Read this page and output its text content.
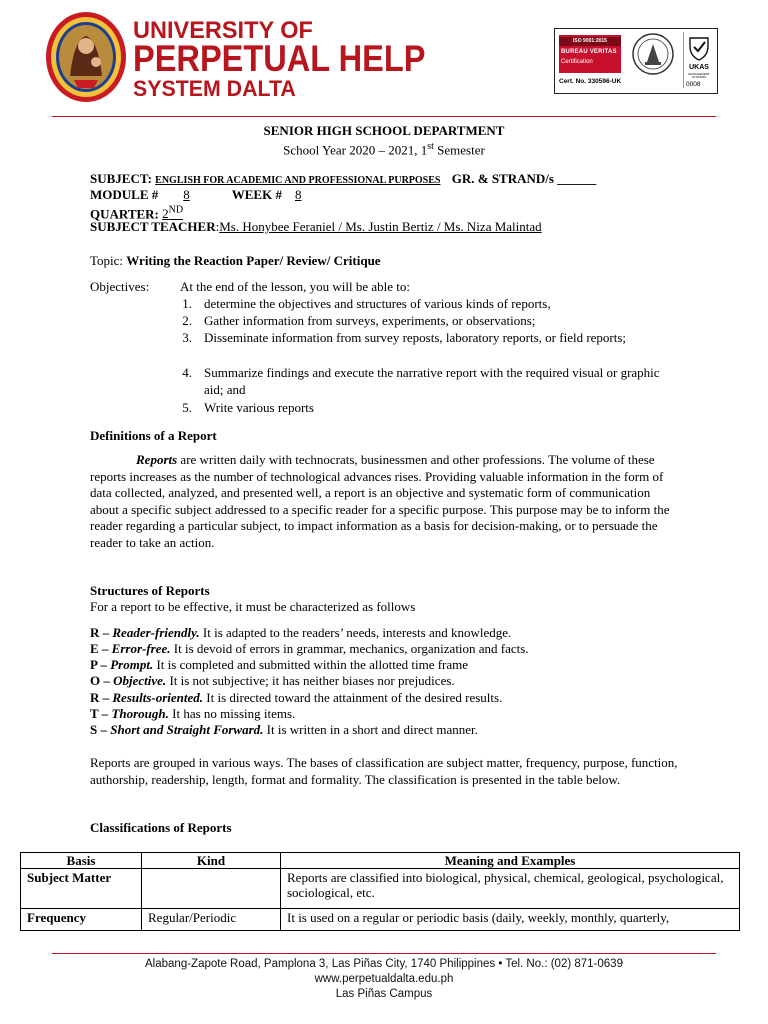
UNIVERSITY OF
PERPETUAL HELP
SYSTEM DALTA
ISO 9001:2015
BUREAU VERITAS
Certification
UKAS
MANAGEMENT SYSTEMS
Cert. No. 330596-UK	0008
SENIOR HIGH SCHOOL DEPARTMENT
School Year 2020 – 2021, 1st Semester
SUBJECT: ENGLISH FOR ACADEMIC AND PROFESSIONAL PURPOSES GR. & STRAND/s ______
MODULE # 8	WEEK # 8
QUARTER: 2ND
SUBJECT TEACHER:Ms. Honybee Feraniel / Ms. Justin Bertiz / Ms. Niza Malintad
Topic: Writing the Reaction Paper/ Review/ Critique
Objectives: At the end of the lesson, you will be able to:
1. determine the objectives and structures of various kinds of reports,
2. Gather information from surveys, experiments, or observations;
3. Disseminate information from survey reposts, laboratory reports, or field reports;
4. Summarize findings and execute the narrative report with the required visual or graphic aid; and
5. Write various reports
Definitions of a Report

Reports are written daily with technocrats, businessmen and other professions. The volume of these reports increases as the number of technological advances rises. Providing valuable information in the form of data collected, analyzed, and presented well, a report is an objective and systematic form of communication about a specific subject addressed to a specific reader for a specific purpose. This purpose may be to inform the reader regarding a particular subject, to impact information as a basis for decision-making, or to persuade the reader to take an action.

Structures of Reports
For a report to be effective, it must be characterized as follows
R – Reader-friendly. It is adapted to the readers’ needs, interests and knowledge.
E – Error-free. It is devoid of errors in grammar, mechanics, organization and facts.
P – Prompt. It is completed and submitted within the allotted time frame
O – Objective. It is not subjective; it has neither biases nor prejudices.
R – Results-oriented. It is directed toward the attainment of the desired results.
T – Thorough. It has no missing items.
S – Short and Straight Forward. It is written in a short and direct manner.

Reports are grouped in various ways. The bases of classification are subject matter, frequency, purpose, function, authorship, readership, length, format and formality. The classification is presented in the table below.

Classifications of Reports
Basis	Kind	Meaning and Examples
Subject Matter		Reports are classified into biological, physical, chemical, geological, psychological, sociological, etc.
Frequency	Regular/Periodic	It is used on a regular or periodic basis (daily, weekly, monthly, quarterly,
Alabang-Zapote Road, Pamplona 3, Las Piñas City, 1740 Philippines • Tel. No.: (02) 871-0639
www.perpetualdalta.edu.ph
Las Piñas Campus
